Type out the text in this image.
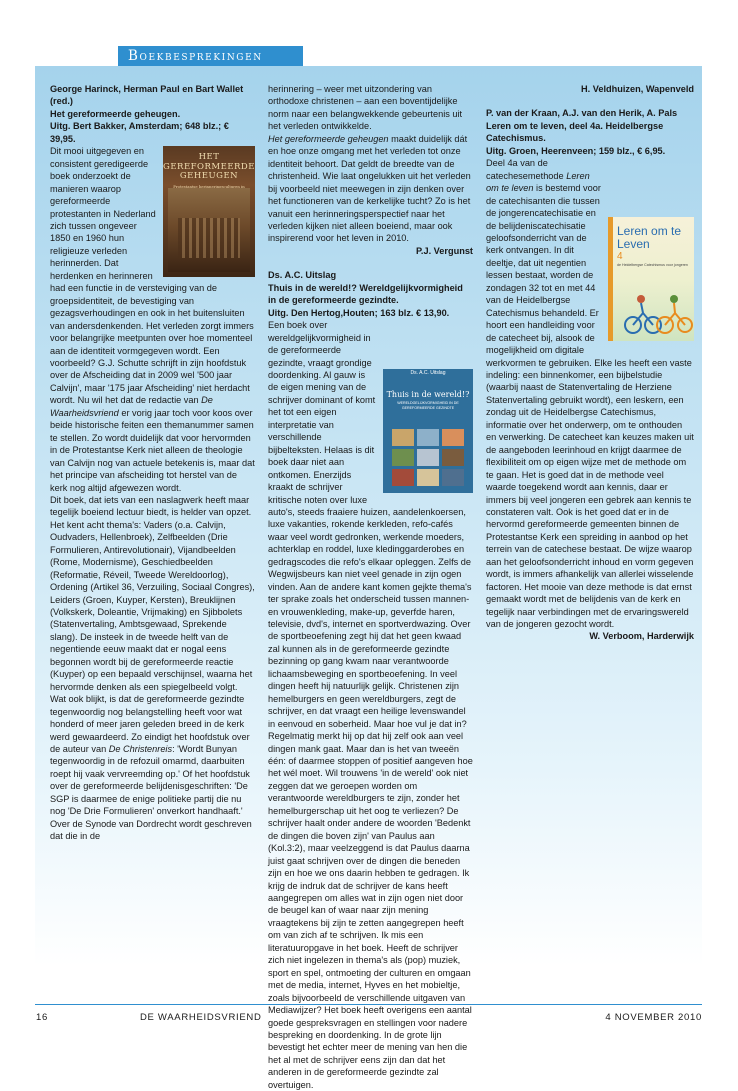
Boekbesprekingen

George Harinck, Herman Paul en Bart Wallet (red.)

Het gereformeerde geheugen.

Uitg. Bert Bakker, Amsterdam; 648 blz.; € 39,95.

HET GEREFORMEERDE GEHEUGEN
Protestantse herinneringsculturen in

Dit mooi uitgegeven en consistent geredigeerde boek onderzoekt de manieren waarop gereformeerde protestanten in Nederland zich tussen ongeveer 1850 en 1960 hun religieuze verleden herinnerden. Dat herdenken en herinneren had een functie in de versteviging van de groepsidentiteit, de bevestiging van gezagsverhoudingen en ook in het buitensluiten van andersdenkenden. Het verleden zorgt immers voor belangrijke meetpunten over hoe momenteel aan de identiteit vormgegeven wordt. Een voorbeeld? G.J. Schutte schrijft in zijn hoofdstuk over de Afscheiding dat in 2009 wel '500 jaar Calvijn', maar '175 jaar Afscheiding' niet herdacht wordt. Nu wil het dat de redactie van De Waarheidsvriend er vorig jaar toch voor koos over beide historische feiten een themanummer samen te stellen. Zo wordt duidelijk dat voor hervormden in de Protestantse Kerk niet alleen de theologie van Calvijn nog van actuele betekenis is, maar dat het principe van afscheiding tot herstel van de kerk nog altijd afgewezen wordt.

Dit boek, dat iets van een naslagwerk heeft maar tegelijk boeiend lectuur biedt, is helder van opzet. Het kent acht thema's: Vaders (o.a. Calvijn, Oudvaders, Hellenbroek), Zelfbeelden (Drie Formulieren, Antirevolutionair), Vijandbeelden (Rome, Modernisme), Geschiedbeelden (Reformatie, Réveil, Tweede Wereldoorlog), Ordening (Artikel 36, Verzuiling, Sociaal Congres), Leiders (Groen, Kuyper, Kersten), Breuklijnen (Volkskerk, Doleantie, Vrijmaking) en Sjibbolets (Statenvertaling, Ambtsgewaad, Sprekende slang). De insteek in de tweede helft van de negentiende eeuw maakt dat er nogal eens begonnen wordt bij de gereformeerde reactie (Kuyper) op een bepaald verschijnsel, waarna het hervormde denken als een spiegelbeeld volgt.

Wat ook blijkt, is dat de gereformeerde gezindte tegenwoordig nog belangstelling heeft voor wat honderd of meer jaren geleden breed in de kerk werd gewaardeerd. Zo eindigt het hoofdstuk over de auteur van De Christenreis: 'Wordt Bunyan tegenwoordig in de refozuil omarmd, daarbuiten roept hij vaak vervreemding op.' Of het hoofdstuk over de gereformeerde belijdenisgeschriften: 'De SGP is daarmee de enige politieke partij die nu nog 'De Drie Formulieren' onverkort handhaaft.' Over de Synode van Dordrecht wordt geschreven dat die in de

herinnering – weer met uitzondering van orthodoxe christenen – aan een boventijdelijke norm naar een belangwekkende gebeurtenis uit het verleden ontwikkelde.

Het gereformeerde geheugen maakt duidelijk dát en hoe onze omgang met het verleden tot onze identiteit behoort. Dat geldt de breedte van de christenheid. Wie laat ongelukken uit het verleden bij voorbeeld niet meewegen in zijn denken over het functioneren van de kerkelijke tucht? Zo is het vanuit een herinneringsperspectief naar het verleden kijken niet alleen boeiend, maar ook inspirerend voor het leven in 2010.

P.J. Vergunst

Ds. A.C. Uitslag

Thuis in de wereld!? Wereldgelijkvormigheid in de gereformeerde gezindte.

Uitg. Den Hertog,Houten; 163 blz. € 13,90.

Ds. A.C. Uitslag
Thuis in de wereld!?
WERELDGELIJKVORMIGHEID IN DE GEREFORMEERDE GEZINDTE

Een boek over wereldgelijkvormigheid in de gereformeerde gezindte, vraagt grondige doordenking. Al gauw is de eigen mening van de schrijver dominant of komt het tot een eigen interpretatie van verschillende bijbelteksten. Helaas is dit boek daar niet aan ontkomen. Enerzijds kraakt de schrijver kritische noten over luxe auto's, steeds fraaiere huizen, aandelenkoersen, luxe vakanties, rokende kerkleden, refo-cafés waar veel wordt gedronken, werkende moeders, achterklap en roddel, luxe kledinggarderobes en gedragscodes die refo's elkaar opleggen. Zelfs de Wegwijsbeurs kan niet veel genade in zijn ogen vinden. Aan de andere kant komen gejkte thema's ter sprake zoals het onderscheid tussen mannen- en vrouwenkleding, make-up, geverfde haren, televisie, dvd's, internet en sportverdwazing. Over de sportbeoefening zegt hij dat het geen kwaad zal kunnen als in de gereformeerde gezindte bezinning op gang kwam naar verantwoorde lichaamsbeweging en sportbeoefening. In veel dingen heeft hij natuurlijk gelijk. Christenen zijn hemelburgers en geen wereldburgers, zegt de schrijver, en dat vraagt een heilige levenswandel in eenvoud en soberheid. Maar hoe vul je dat in? Regelmatig merkt hij op dat hij zelf ook aan veel dingen mank gaat. Maar dan is het van tweeën één: of daarmee stoppen of positief aangeven hoe het wél moet. Wil trouwens 'in de wereld' ook niet zeggen dat we geroepen worden om verantwoorde wereldburgers te zijn, zonder het hemelburgerschap uit het oog te verliezen? De schrijver haalt onder andere de woorden 'Bedenkt de dingen die boven zijn' van Paulus aan (Kol.3:2), maar veelzeggend is dat Paulus daarna juist gaat schrijven over de dingen die beneden zijn en hoe we ons daarin hebben te gedragen. Ik krijg de indruk dat de schrijver de kans heeft aangegrepen om alles wat in zijn ogen niet door de beugel kan of waar naar zijn mening vraagtekens bij zijn te zetten aangegrepen heeft om van zich af te schrijven. Ik mis een literatuuropgave in het boek. Heeft de schrijver zich niet ingelezen in thema's als (pop) muziek, sport en spel, ontmoeting der culturen en omgaan met de media, internet, Hyves en het mobieltje, zoals bijvoorbeeld de verschillende uitgaven van Mediawijzer? Het boek heeft overigens een aantal goede gespreksvragen en stellingen voor nadere bespreking en doordenking. In de grote lijn bevestigt het echter meer de mening van hen die het al met de schrijver eens zijn dan dat het anderen in de gereformeerde gezindte zal overtuigen.

H. Veldhuizen, Wapenveld

P. van der Kraan, A.J. van den Herik, A. Pals

Leren om te leven, deel 4a. Heidelbergse Catechismus.

Uitg. Groen, Heerenveen; 159 blz., € 6,95.

Leren om te Leven
4
de Heidelbergse Catechismus voor jongeren

Deel 4a van de catechesemethode Leren om te leven is bestemd voor de catechisanten die tussen de jongerencatechisatie en de belijdeniscatechisatie geloofsonderricht van de kerk ontvangen. In dit deeltje, dat uit negentien lessen bestaat, worden de zondagen 32 tot en met 44 van de Heidelbergse Catechismus behandeld. Er hoort een handleiding voor de catecheet bij, alsook de mogelijkheid om digitale werkvormen te gebruiken. Elke les heeft een vaste indeling: een binnenkomer, een bijbelstudie (waarbij naast de Statenvertaling de Herziene Statenvertaling gebruikt wordt), een leskern, een zondag uit de Heidelbergse Catechismus, informatie over het onderwerp, om te onthouden en verwerking. De catecheet kan keuzes maken uit de aangeboden leerinhoud en krijgt daarmee de flexibiliteit om op eigen wijze met de methode om te gaan. Het is goed dat in de methode veel waarde toegekend wordt aan kennis, daar er immers bij veel jongeren een gebrek aan kennis te constateren valt. Ook is het goed dat er in de hervormd gereformeerde gemeenten binnen de Protestantse Kerk een spreiding in aanbod op het terrein van de catechese bestaat. De wijze waarop aan het geloofsonderricht inhoud en vorm gegeven wordt, is immers afhankelijk van allerlei wisselende factoren. Het mooie van deze methode is dat ernst gemaakt wordt met de belijdenis van de kerk en tegelijk naar verbindingen met de ervaringswereld van de jongeren gezocht wordt.

W. Verboom, Harderwijk

16	DE WAARHEIDSVRIEND	4 NOVEMBER 2010
